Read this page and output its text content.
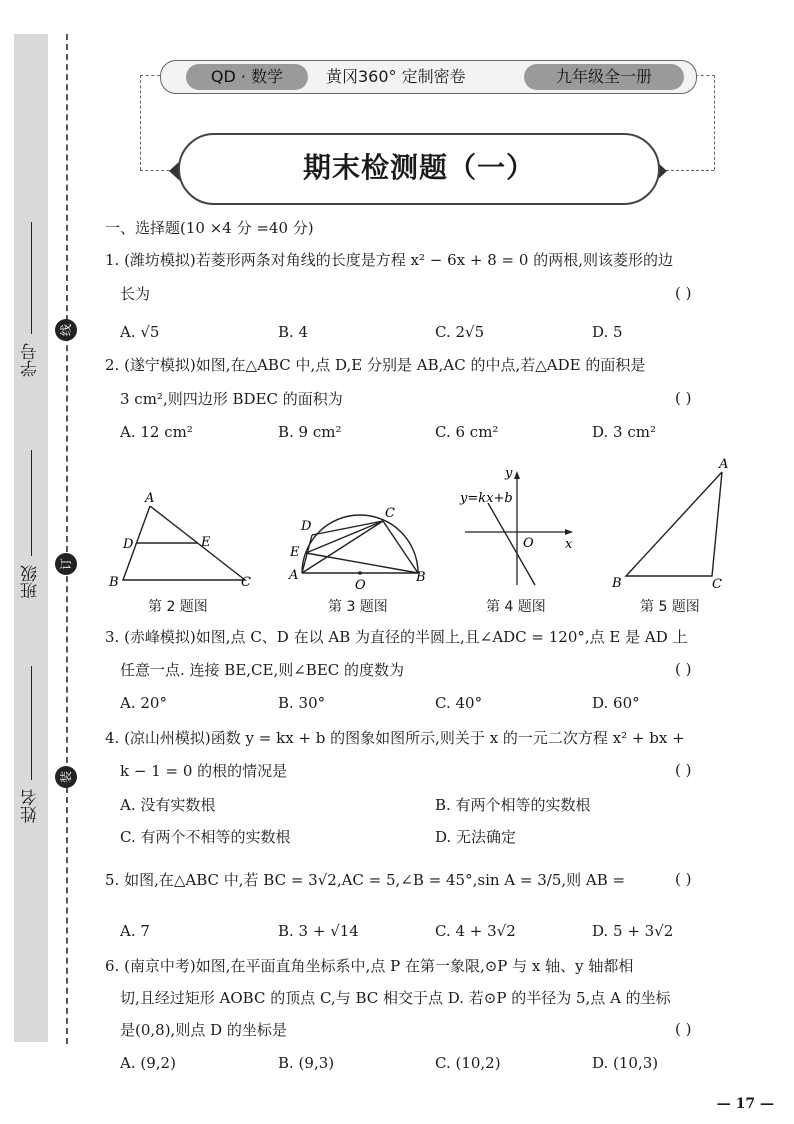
学号
班级
姓名
线
订
装
QD · 数学	黄冈360° 定制密卷	九年级全一册
期末检测题（一）
一、选择题(10 ×4 分 =40 分)
1. (潍坊模拟)若菱形两条对角线的长度是方程 x² − 6x + 8 = 0 的两根,则该菱形的边
长为	( )
A. √5	B. 4	C. 2√5	D. 5
2. (遂宁模拟)如图,在△ABC 中,点 D,E 分别是 AB,AC 的中点,若△ADE 的面积是
3 cm²,则四边形 BDEC 的面积为	( )
A. 12 cm²	B. 9 cm²	C. 6 cm²	D. 3 cm²
A
D	E
B	C
第 2 题图
D
C
E
A
O
B
第 3 题图
y
y=kx+b
O x
第 4 题图
A
B	C
第 5 题图
3. (赤峰模拟)如图,点 C、D 在以 AB 为直径的半圆上,且∠ADC = 120°,点 E 是 AD 上
任意一点. 连接 BE,CE,则∠BEC 的度数为	( )
A. 20°	B. 30°	C. 40°	D. 60°
4. (凉山州模拟)函数 y = kx + b 的图象如图所示,则关于 x 的一元二次方程 x² + bx +
k − 1 = 0 的根的情况是	( )
A. 没有实数根	B. 有两个相等的实数根
C. 有两个不相等的实数根	D. 无法确定
5. 如图,在△ABC 中,若 BC = 3√2,AC = 5,∠B = 45°,sin A = 3/5,则 AB =	( )
A. 7	B. 3 + √14	C. 4 + 3√2	D. 5 + 3√2
6. (南京中考)如图,在平面直角坐标系中,点 P 在第一象限,⊙P 与 x 轴、y 轴都相
切,且经过矩形 AOBC 的顶点 C,与 BC 相交于点 D. 若⊙P 的半径为 5,点 A 的坐标
是(0,8),则点 D 的坐标是	( )
A. (9,2)	B. (9,3)	C. (10,2)	D. (10,3)
— 17 —
